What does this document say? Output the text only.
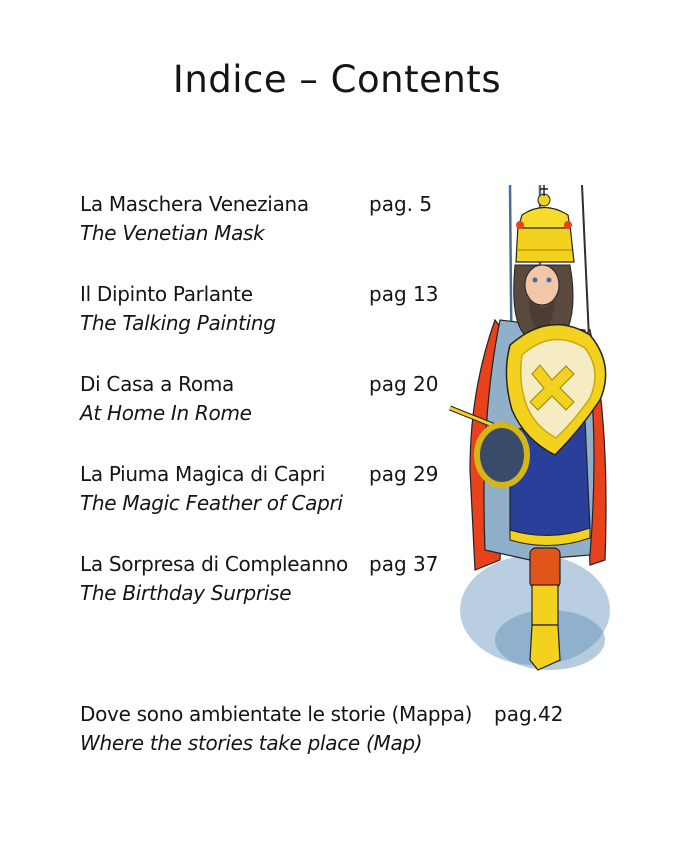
Indice – Contents
La Maschera Veneziana
The Venetian Mask
pag. 5
Il Dipinto Parlante
The Talking Painting
pag 13
Di Casa a Roma
At Home In Rome
pag 20
La Piuma Magica di Capri
The Magic Feather of Capri
pag 29
La Sorpresa di Compleanno
The Birthday Surprise
pag 37
Dove sono ambientate le storie (Mappa)
Where the stories take place (Map)
pag.42
